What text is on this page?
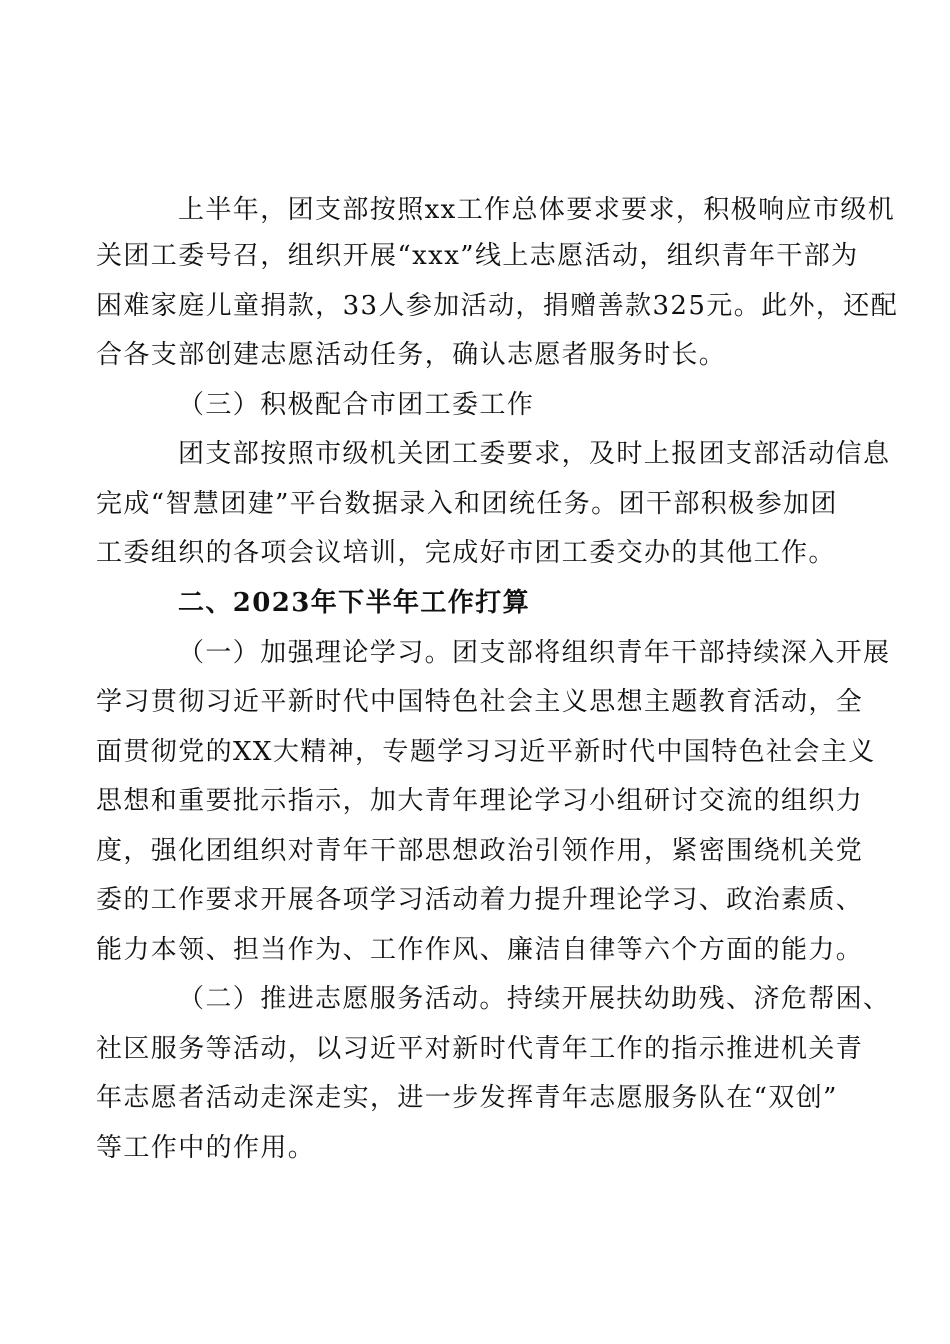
上半年，团支部按照xx工作总体要求要求，积极响应市级机

关团工委号召，组织开展“xxx”线上志愿活动，组织青年干部为

困难家庭儿童捐款，33人参加活动，捐赠善款325元。此外，还配

合各支部创建志愿活动任务，确认志愿者服务时长。

（三）积极配合市团工委工作

团支部按照市级机关团工委要求，及时上报团支部活动信息

完成“智慧团建”平台数据录入和团统任务。团干部积极参加团

工委组织的各项会议培训，完成好市团工委交办的其他工作。

二、2023年下半年工作打算

（一）加强理论学习。团支部将组织青年干部持续深入开展

学习贯彻习近平新时代中国特色社会主义思想主题教育活动，全

面贯彻党的XX大精神，专题学习习近平新时代中国特色社会主义

思想和重要批示指示，加大青年理论学习小组研讨交流的组织力

度，强化团组织对青年干部思想政治引领作用，紧密围绕机关党

委的工作要求开展各项学习活动着力提升理论学习、政治素质、

能力本领、担当作为、工作作风、廉洁自律等六个方面的能力。

（二）推进志愿服务活动。持续开展扶幼助残、济危帮困、

社区服务等活动，以习近平对新时代青年工作的指示推进机关青

年志愿者活动走深走实，进一步发挥青年志愿服务队在“双创”

等工作中的作用。
